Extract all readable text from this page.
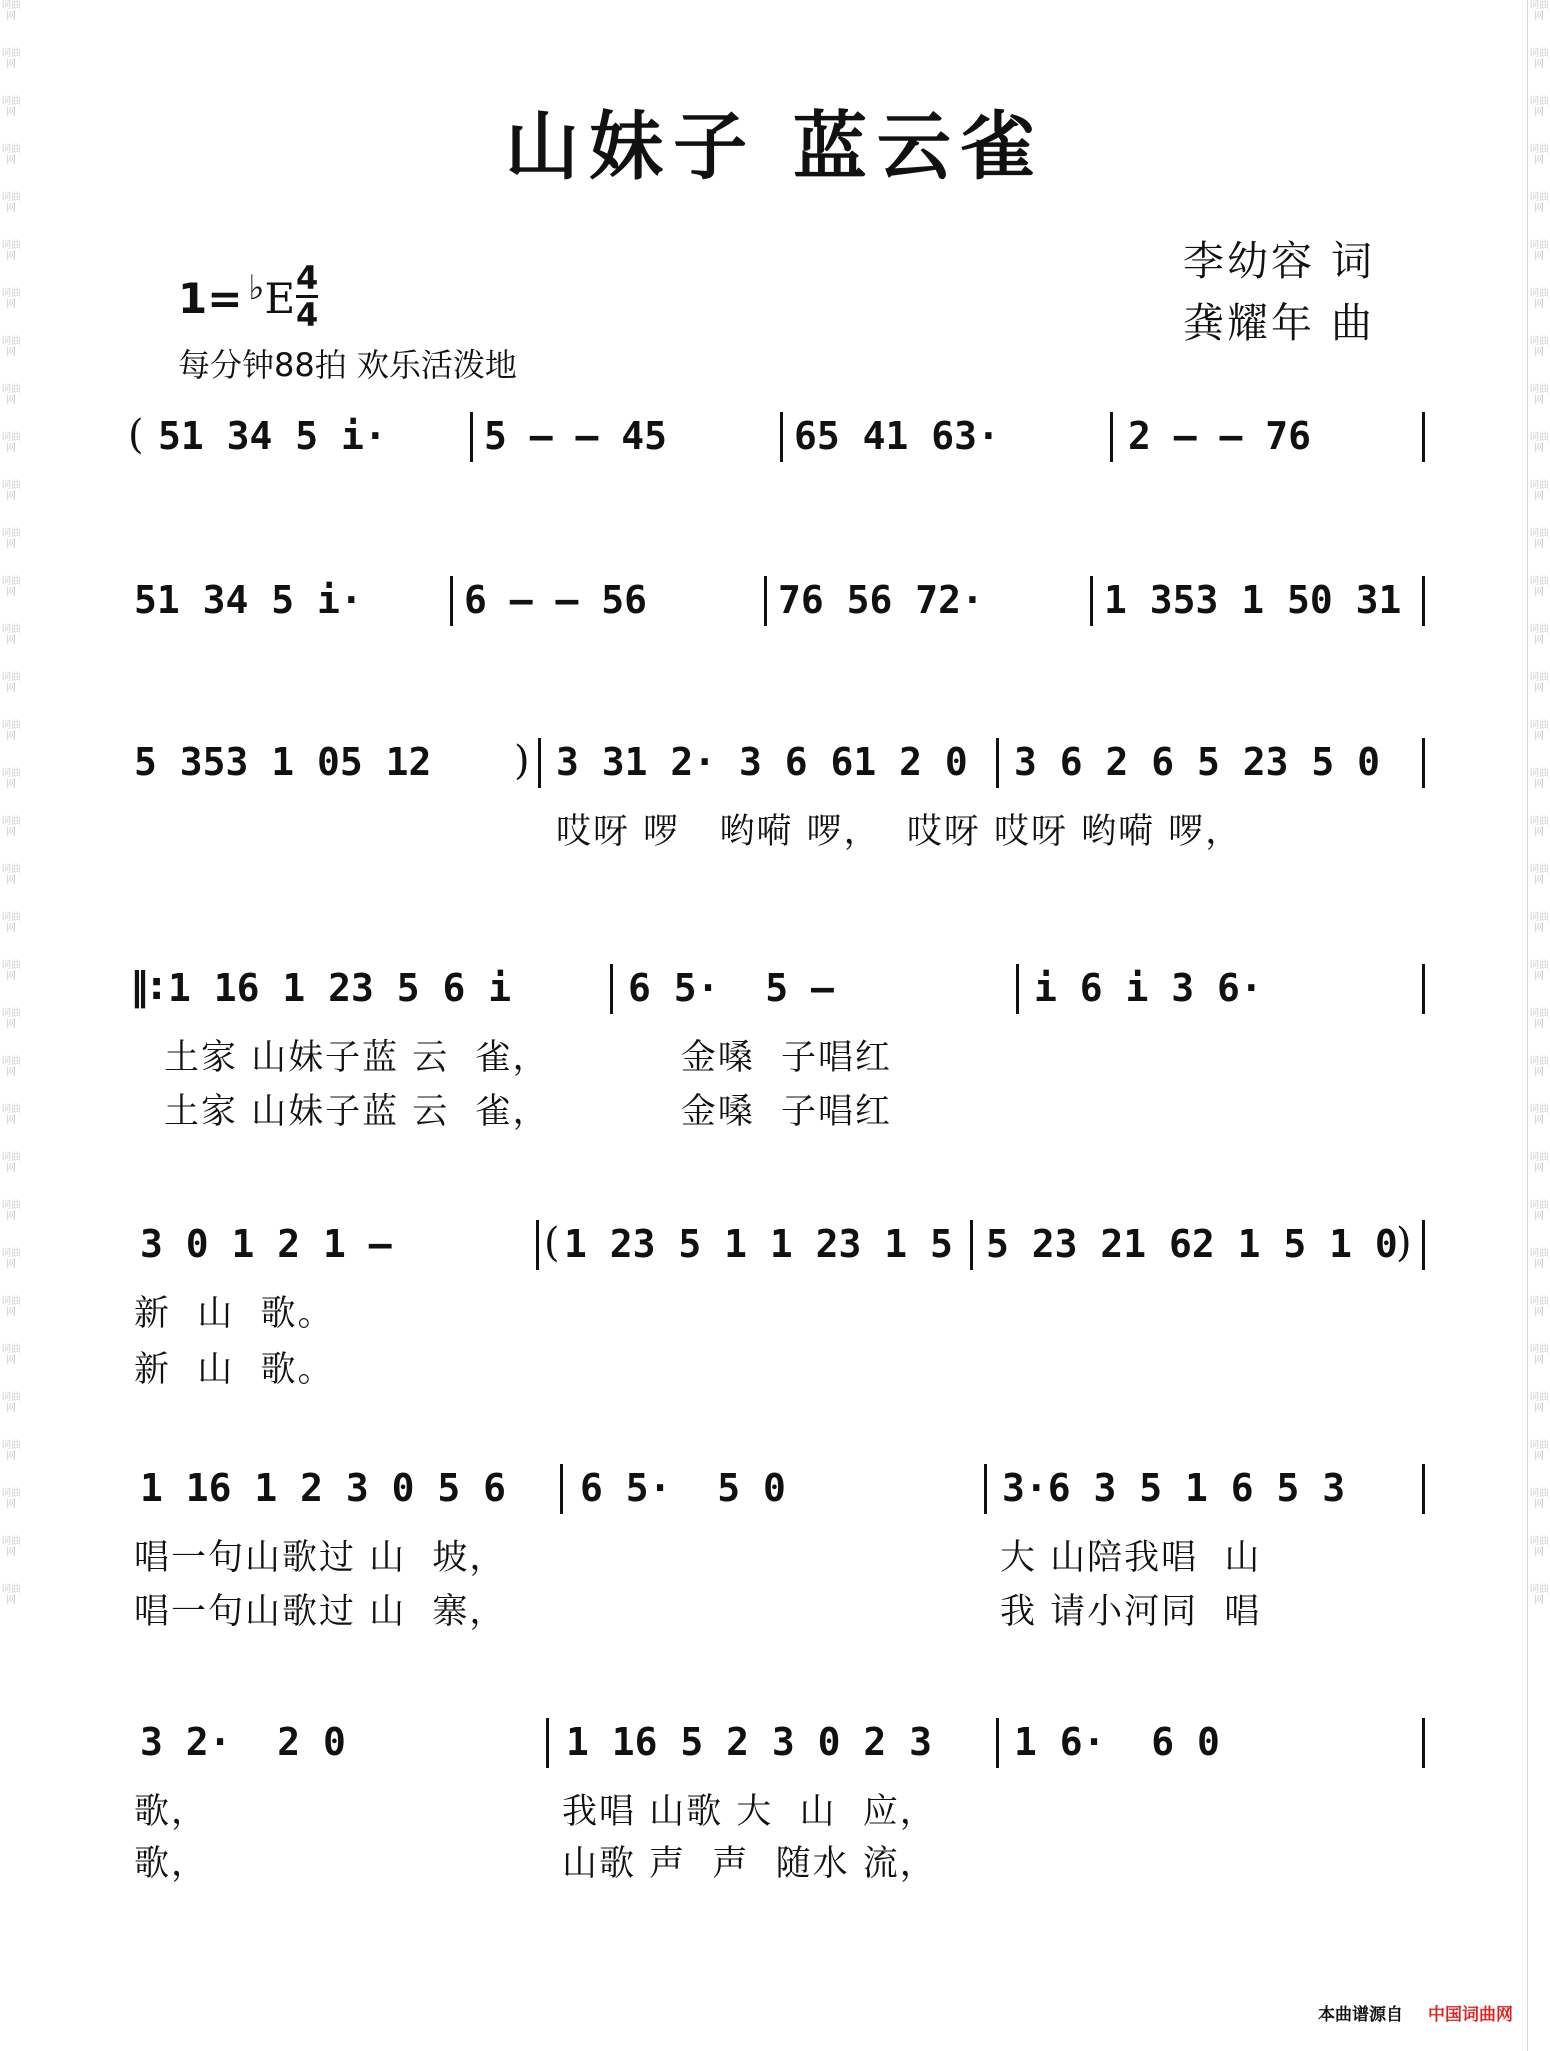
词曲网
词曲网
词曲网
词曲网
词曲网
词曲网
词曲网
词曲网
词曲网
词曲网
词曲网
词曲网
词曲网
词曲网
词曲网
词曲网
词曲网
词曲网
词曲网
词曲网
词曲网
词曲网
词曲网
词曲网
词曲网
词曲网
词曲网
词曲网
词曲网
词曲网
词曲网
词曲网
词曲网
词曲网
词曲网
词曲网
词曲网
词曲网
词曲网
词曲网
词曲网
词曲网
词曲网
词曲网
词曲网
词曲网
词曲网
词曲网
词曲网
词曲网
词曲网
词曲网
词曲网
词曲网
词曲网
词曲网
词曲网
词曲网
词曲网
词曲网
词曲网
词曲网
词曲网
词曲网
词曲网
词曲网
词曲网
词曲网
山妹子 蓝云雀
李幼容 词
龚耀年 曲
1= ♭E 4
4
每分钟88拍 欢乐活泼地
( 51 34 5 i·	5 – – 45	65 41 63·	2 – – 76
51 34 5 i·	6 – – 56	76 56 72·	1 353 1 50 31
5 353 1 05 12 ) 3 31 2· 3 6 61 2 0 3 6 2 6 5 23 5 0
哎呀 啰   哟嗬 啰，  哎呀 哎呀 哟嗬 啰，
‖: 1 16 1 23 5 6 i	6 5·  5 –	i 6 i 3 6·
土家 山妹子蓝 云  雀，          金嗓  子唱红
土家 山妹子蓝 云  雀，          金嗓  子唱红
3 0 1 2 1 –	( 1 23 5 1 1 23 1 5 5 23 21 62 1 5 1 0
)
新  山  歌。
新  山  歌。
1 16 1 2 3 0 5 6 6 5·  5 0	3·6 3 5 1 6 5 3
唱一句山歌过 山  坡，
唱一句山歌过 山  寨，
大 山陪我唱  山
我 请小河同  唱
3 2·  2 0	1 16 5 2 3 0 2 3 1 6·  6 0
歌，
歌，
我唱 山歌 大  山  应，
山歌 声  声  随水 流，
本曲谱源自 中国词曲网
